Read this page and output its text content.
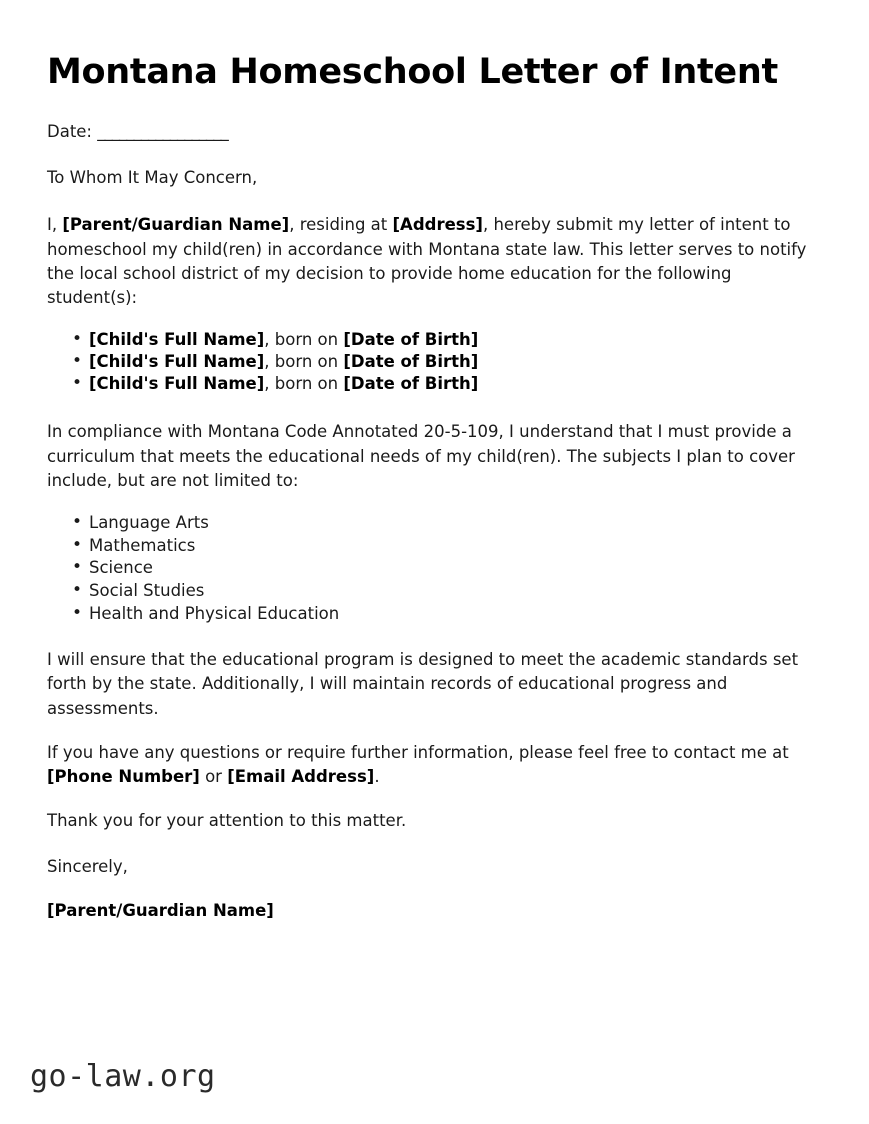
Montana Homeschool Letter of Intent

Date: __________________

To Whom It May Concern,

I, [Parent/Guardian Name], residing at [Address], hereby submit my letter of intent to homeschool my child(ren) in accordance with Montana state law. This letter serves to notify the local school district of my decision to provide home education for the following student(s):

• [Child's Full Name], born on [Date of Birth]
• [Child's Full Name], born on [Date of Birth]
• [Child's Full Name], born on [Date of Birth]

In compliance with Montana Code Annotated 20-5-109, I understand that I must provide a curriculum that meets the educational needs of my child(ren). The subjects I plan to cover include, but are not limited to:

• Language Arts
• Mathematics
• Science
• Social Studies
• Health and Physical Education

I will ensure that the educational program is designed to meet the academic standards set forth by the state. Additionally, I will maintain records of educational progress and assessments.

If you have any questions or require further information, please feel free to contact me at [Phone Number] or [Email Address].

Thank you for your attention to this matter.

Sincerely,

[Parent/Guardian Name]

go-law.org
